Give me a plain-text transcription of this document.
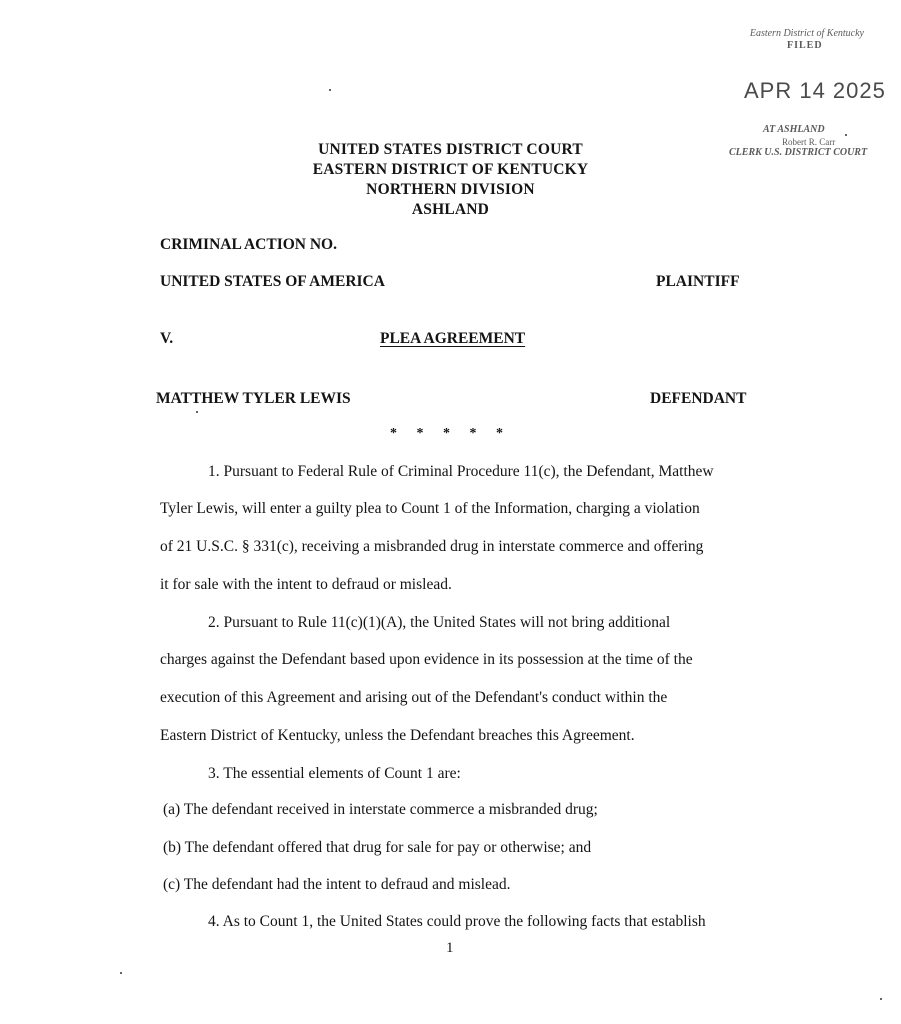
Eastern District of Kentucky
FILED
APR 14 2025
AT ASHLAND
Robert R. Carr
CLERK U.S. DISTRICT COURT
UNITED STATES DISTRICT COURT
EASTERN DISTRICT OF KENTUCKY
NORTHERN DIVISION
ASHLAND
CRIMINAL ACTION NO.
UNITED STATES OF AMERICA	PLAINTIFF
V.	PLEA AGREEMENT
MATTHEW TYLER LEWIS	DEFENDANT
* * * * *
1. Pursuant to Federal Rule of Criminal Procedure 11(c), the Defendant, Matthew
Tyler Lewis, will enter a guilty plea to Count 1 of the Information, charging a violation
of 21 U.S.C. § 331(c), receiving a misbranded drug in interstate commerce and offering
it for sale with the intent to defraud or mislead.
2. Pursuant to Rule 11(c)(1)(A), the United States will not bring additional
charges against the Defendant based upon evidence in its possession at the time of the
execution of this Agreement and arising out of the Defendant's conduct within the
Eastern District of Kentucky, unless the Defendant breaches this Agreement.
3. The essential elements of Count 1 are:
(a) The defendant received in interstate commerce a misbranded drug;
(b) The defendant offered that drug for sale for pay or otherwise; and
(c) The defendant had the intent to defraud and mislead.
4. As to Count 1, the United States could prove the following facts that establish
1
